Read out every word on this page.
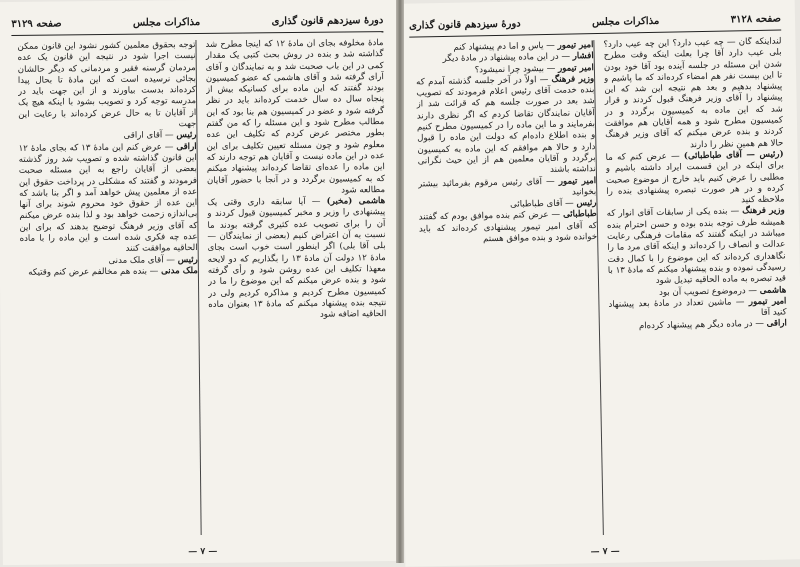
دورهٔ سیزدهم قانون گذاری
مذاکرات مجلس
صفحه ۳۱۲۹

مادهٔ مخلوفه بجای آن مادهٔ ۱۲ که اینجا مطرح شد گذاشته شد و بنده در روش بحث کتبی یک مقدار کمی در این باب صحبت شد و به نمایندگان و آقای آرای گرفته شد و آقای هاشمی که عضو کمیسیون بودند گفتند که این ماده برای کسانیکه بیش از پنجاه سال ده سال خدمت کرده‌اند باید در نظر گرفته شود و عضو در کمیسیون هم بنا بود که این مطالب مطرح شود و این مسئله را که من گفتم بطور مختصر عرض کردم که تکلیف این عده معلوم شود و چون مسئله تعیین تکلیف برای این عده در این ماده نیست و آقایان هم توجه دارند که این ماده را عده‌ای تقاضا کرده‌اند پیشنهاد میکنم که به کمیسیون برگردد و در آنجا با حضور آقایان مطالعه شود

هاشمی (مخبر) — آیا سابقه داری وقتی یک پیشنهادی را وزیر و مخبر کمیسیون قبول کردند و آن را برای تصویب عده کثیری گرفته بودند ما نسبت به آن اعتراض کنیم (بعضی از نمایندگان — بلی آقا بلی) اگر اینطور است خوب است بجای مادهٔ ۱۲ دولت آن مادهٔ ۱۳ را بگذاریم که دو لایحه معهذا تکلیف این عده روشن شود و رأی گرفته شود و بنده عرض میکنم که این موضوع را ما در کمیسیون مطرح کردیم و مذاکره کردیم ولی در نتیجه بنده پیشنهاد میکنم که مادهٔ ۱۳ بعنوان ماده الحاقیه اضافه شود

توجه بحقوق معلمین کشور نشود این قانون ممکن نیست اجرا شود در نتیجه این قانون یک عده مردمان گرسنه فقیر و مردمانی که دیگر حالشان بجائی نرسیده است که این مادهٔ تا بحال پیدا کرده‌اند بدست بیاورند و از این جهت باید در مدرسه توجه کرد و تصویب بشود با اینکه هیچ یک از آقایان تا به حال عرض کرده‌اند با رعایت این جهت

رئیس — آقای اراقی

اراقی — عرض کنم این مادهٔ ۱۳ که بجای مادهٔ ۱۲ این قانون گذاشته شده و تصویب شد روز گذشته بعضی از آقایان راجع به این مسئله صحبت فرمودند و گفتند که مشکلی در پرداخت حقوق این عده از معلمین پیش خواهد آمد و اگر بنا باشد که این عده از حقوق خود محروم شوند برای آنها بی‌اندازه زحمت خواهد بود و لذا بنده عرض میکنم که آقای وزیر فرهنگ توضیح بدهند که برای این عده چه فکری شده است و این ماده را با ماده الحاقیه موافقت کنند

رئیس — آقای ملک مدنی

ملک مدنی — بنده هم مخالفم عرض کنم وقتیکه

— ۷ —
صفحه ۳۱۲۸
مذاکرات مجلس
دورهٔ سیزدهم قانون گذاری

لنداینکه گان — چه عیب دارد؟ این چه عیب دارد؟ بلی عیب دارد آقا چرا بعلت اینکه وقت مطرح شدن این مسئله در جلسه آینده بود آقا خود بودن تا این بیست نفر هم امضاء کرده‌اند که ما پاشیم و پیشنهاد بدهیم و بعد هم نتیجه این شد که این پیشنهاد را آقای وزیر فرهنگ قبول کردند و قرار شد که این ماده به کمیسیون برگردد و در کمیسیون مطرح شود و همه آقایان هم موافقت کردند و بنده عرض میکنم که آقای وزیر فرهنگ حالا هم همین نظر را دارند

(رئیس — آقای طباطبائی) — عرض کنم که ما برای اینکه در این قسمت ایراد داشته باشیم و مطلبی را عرض کنیم باید خارج از موضوع صحبت کرده و در هر صورت تبصره پیشنهادی بنده را ملاحظه کنید

وزیر فرهنگ — بنده یکی از سابقات آقای انوار که همیشه طرف توجه بنده بوده و حسن احترام بنده میباشد در اینکه گفتند که مقامات فرهنگی رعایت عدالت و انصاف را کرده‌اند و اینکه آقای مرد ما را نگاهداری کرده‌اند که این موضوع را با کمال دقت رسیدگی نموده و بنده پیشنهاد میکنم که مادهٔ ۱۳ با قید تبصره به ماده الحاقیه تبدیل شود

هاشمی — درموضوع تصویب آن بود

امیر تیمور — ماشین تعداد در مادهٔ بعد پیشنهاد کنید آقا

اراقی — در ماده دیگر هم پیشنهاد کرده‌ام

امیر تیمور — یاس و اما دم پیشنهاد کنم

افشار — در این ماده پیشنهاد در مادهٔ دیگر

امیر تیمور — بیشود چرا نمیشود؟

وزیر فرهنگ — اولاً در آخر جلسه گذشته آمدم که بنده خدمت آقای رئیس اعلام فرمودند که تصویب شد بعد در صورت جلسه هم که قرائت شد از آقایان نمایندگان تقاضا کردم که اگر نظری دارند بفرمایند و ما این ماده را در کمیسیون مطرح کنیم و بنده اطلاع داده‌ام که دولت این ماده را قبول دارد و حالا هم موافقم که این ماده به کمیسیون برگردد و آقایان معلمین هم از این حیث نگرانی نداشته باشند

امیر تیمور — آقای رئیس مرقوم بفرمائید بیشتر بخوانید

رئیس — آقای طباطبائی

طباطبائی — عرض کنم بنده موافق بودم که گفتند که آقای امیر تیمور پیشنهادی کرده‌اند که باید خوانده شود و بنده موافق هستم

— ۷ —
